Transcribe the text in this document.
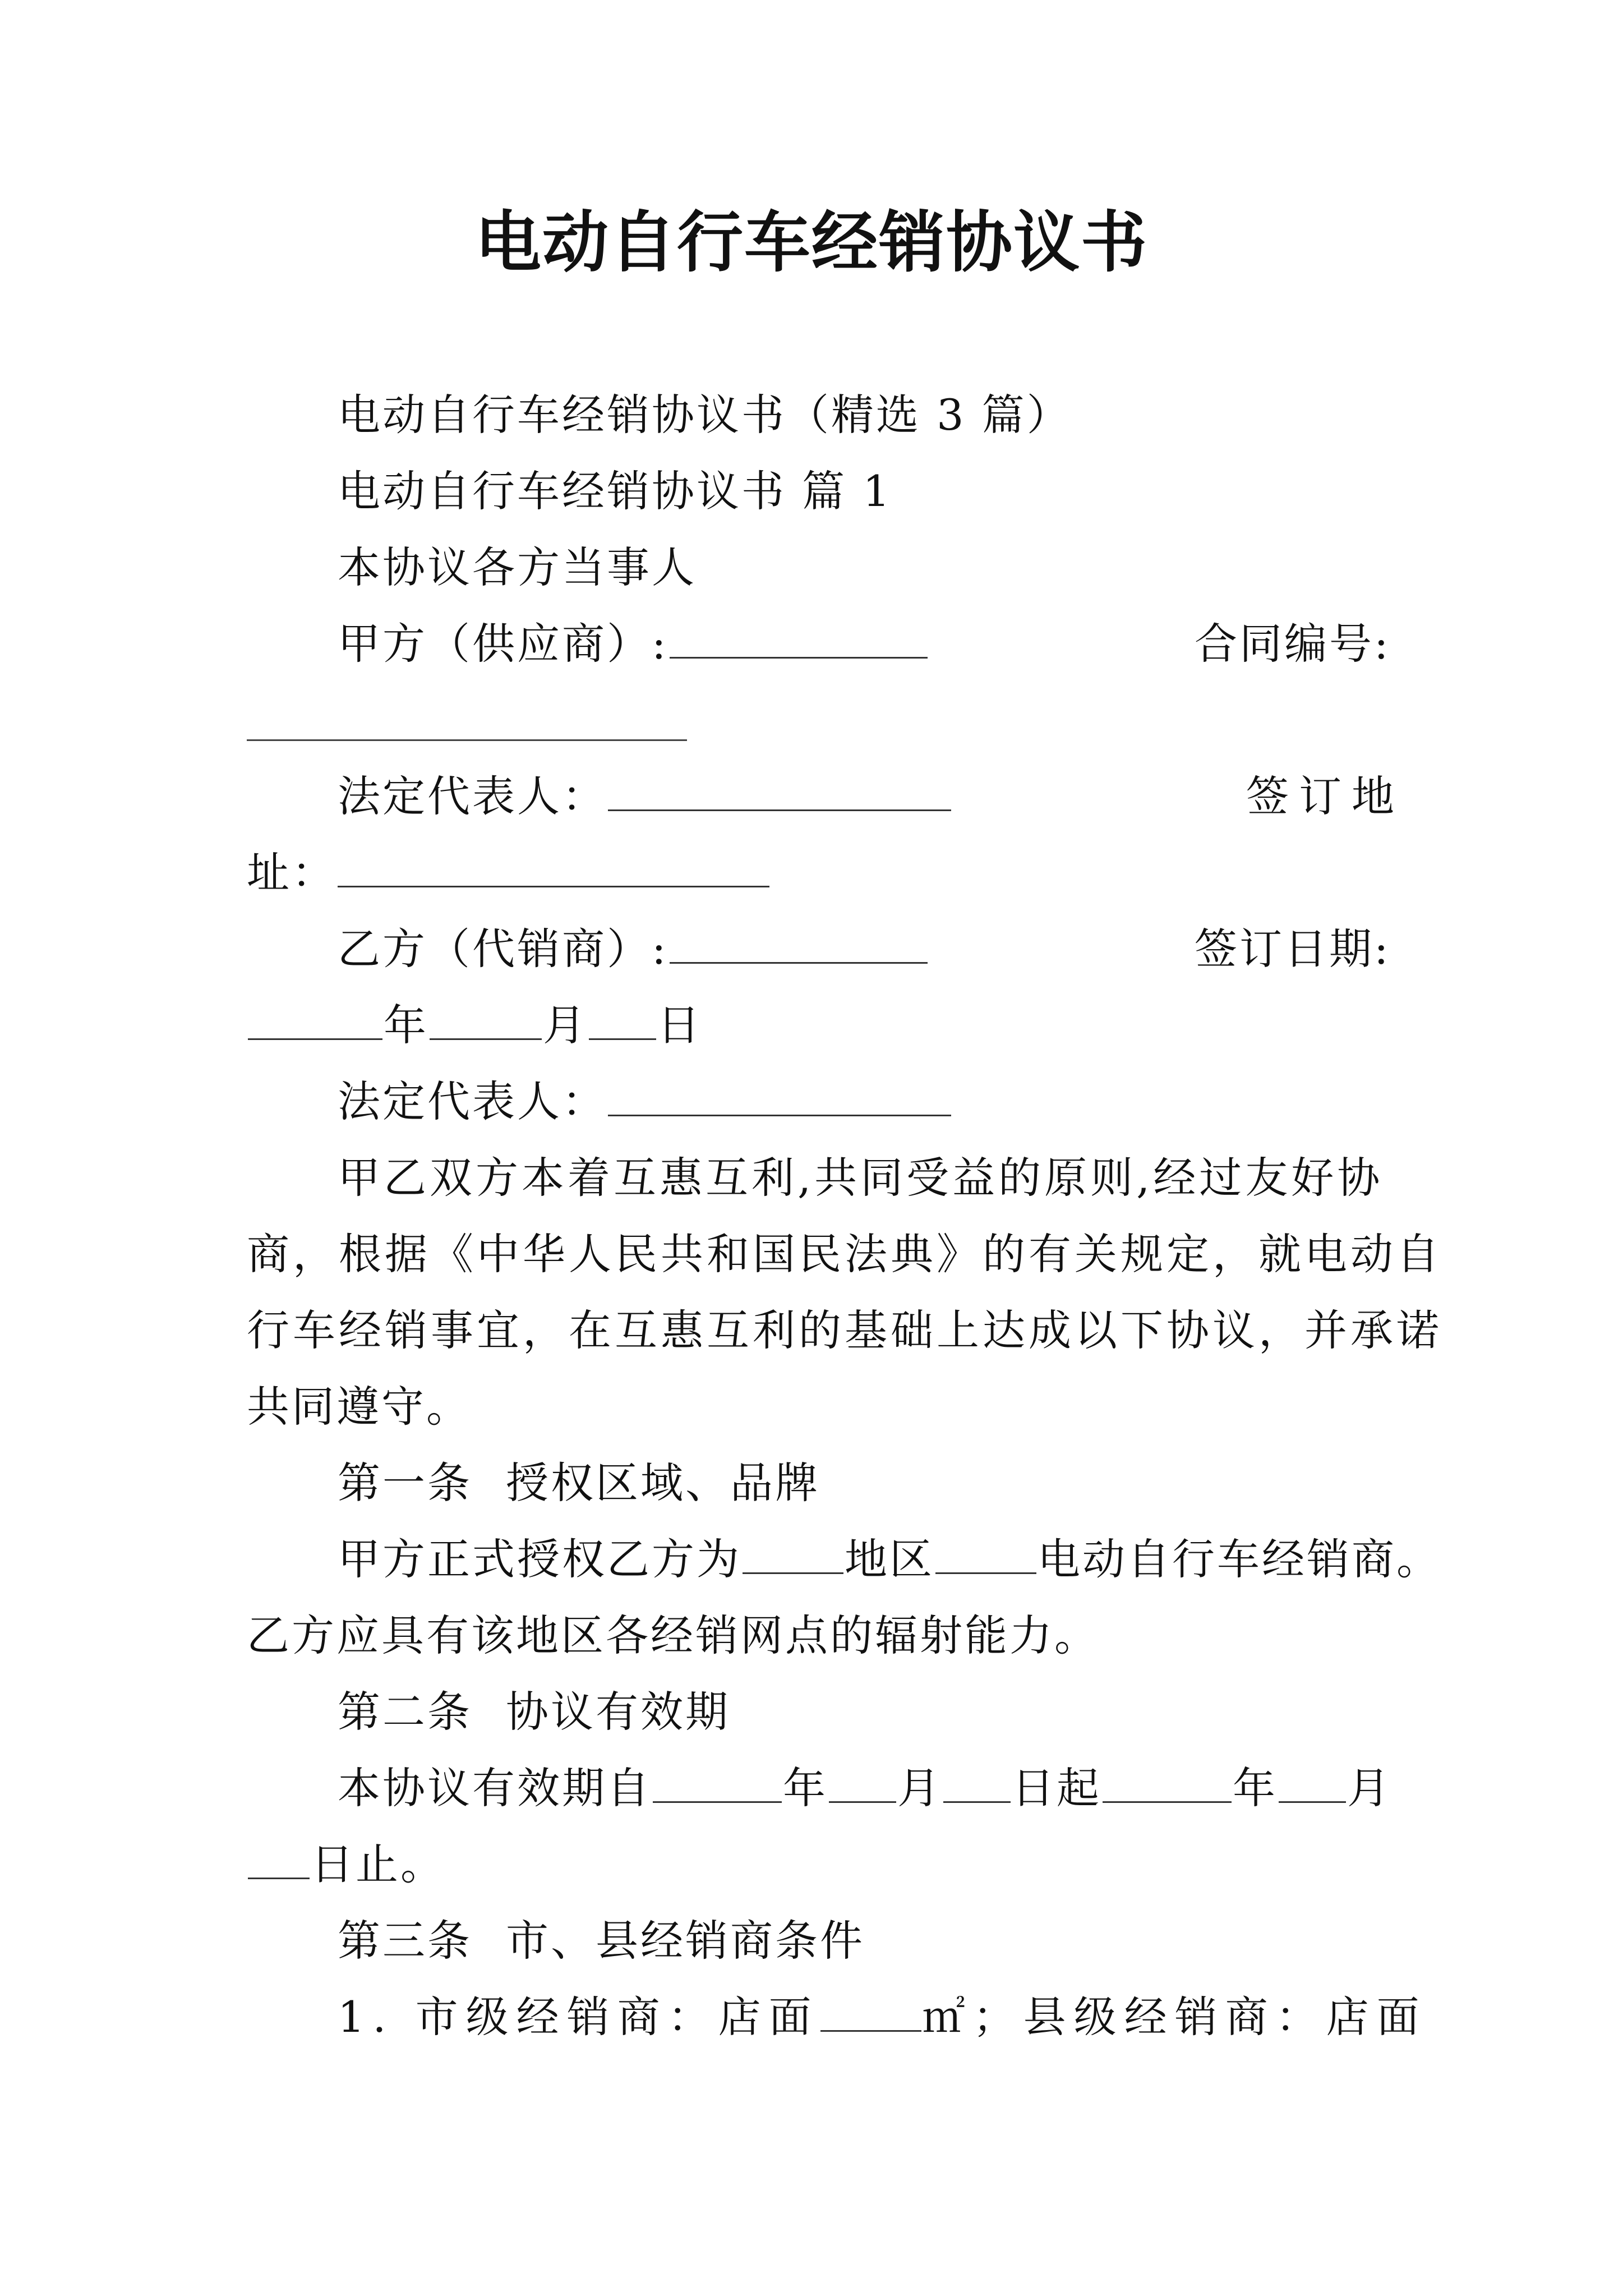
电动自行车经销协议书
电动自行车经销协议书（精选 3 篇）
电动自行车经销协议书 篇 1
本协议各方当事人
甲方（供应商）:	合同编号:
法定代表人：	签订地
址：
乙方（代销商）:	签订日期:
年	月 日
法定代表人：
甲乙双方本着互惠互利,共同受益的原则,经过友好协
商，根据《中华人民共和国民法典》的有关规定，就电动自
行车经销事宜，在互惠互利的基础上达成以下协议，并承诺
共同遵守。
第一条 授权区域、品牌
甲方正式授权乙方为 地区 电动自行车经销商。
乙方应具有该地区各经销网点的辐射能力。
第二条 协议有效期
本协议有效期自	年 月 日起	年 月
日止。
第三条 市、县经销商条件
1. 市级经销商：店面 ㎡；县级经销商：店面
